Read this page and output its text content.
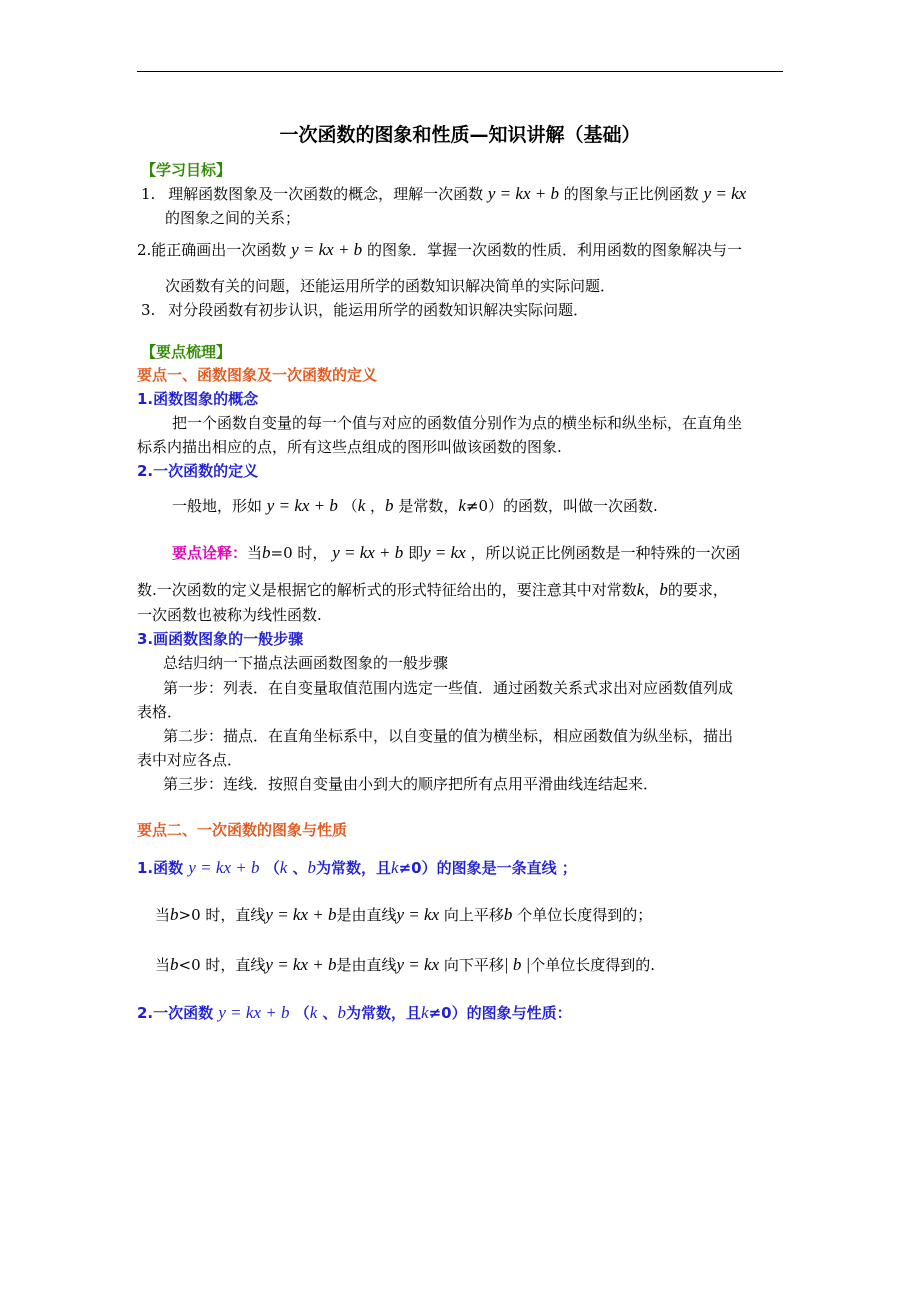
一次函数的图象和性质—知识讲解（基础）
【学习目标】
1. 理解函数图象及一次函数的概念，理解一次函数 y = kx + b 的图象与正比例函数 y = kx
的图象之间的关系；
2.能正确画出一次函数 y = kx + b 的图象．掌握一次函数的性质．利用函数的图象解决与一
次函数有关的问题，还能运用所学的函数知识解决简单的实际问题．
3. 对分段函数有初步认识，能运用所学的函数知识解决实际问题．
【要点梳理】
要点一、函数图象及一次函数的定义
1.函数图象的概念
把一个函数自变量的每一个值与对应的函数值分别作为点的横坐标和纵坐标，在直角坐
标系内描出相应的点，所有这些点组成的图形叫做该函数的图象.
2.一次函数的定义
一般地，形如 y = kx + b （k ，b 是常数，k≠0）的函数，叫做一次函数.
要点诠释：当b=0 时， y = kx + b 即y = kx ，所以说正比例函数是一种特殊的一次函
数.一次函数的定义是根据它的解析式的形式特征给出的，要注意其中对常数k，b的要求，
一次函数也被称为线性函数.
3.画函数图象的一般步骤
总结归纳一下描点法画函数图象的一般步骤
第一步：列表．在自变量取值范围内选定一些值．通过函数关系式求出对应函数值列成
表格．
第二步：描点．在直角坐标系中，以自变量的值为横坐标，相应函数值为纵坐标，描出
表中对应各点．
第三步：连线．按照自变量由小到大的顺序把所有点用平滑曲线连结起来．
要点二、一次函数的图象与性质
1.函数 y = kx + b （k 、b为常数，且k≠0）的图象是一条直线 ；
当b>0 时，直线y = kx + b是由直线y = kx 向上平移b 个单位长度得到的；
当b<0 时，直线y = kx + b是由直线y = kx 向下平移| b |个单位长度得到的.
2.一次函数 y = kx + b （k 、b为常数，且k≠0）的图象与性质：
